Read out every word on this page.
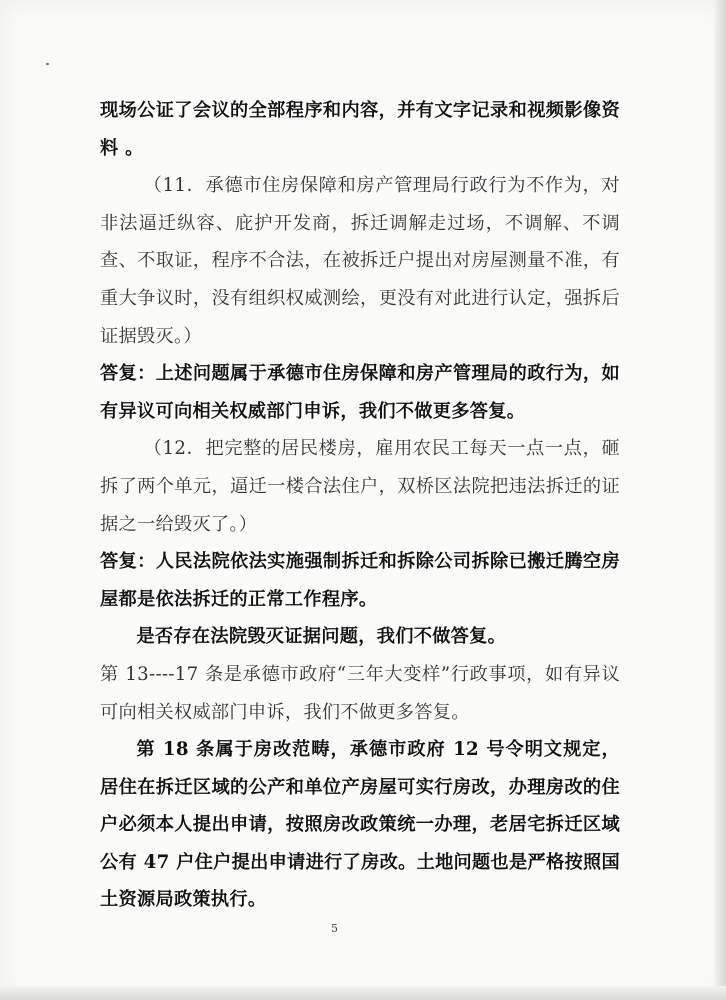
现场公证了会议的全部程序和内容，并有文字记录和视频影像资料 。

（11．承德市住房保障和房产管理局行政行为不作为，对非法逼迁纵容、庇护开发商，拆迁调解走过场，不调解、不调查、不取证，程序不合法，在被拆迁户提出对房屋测量不准，有重大争议时，没有组织权威测绘，更没有对此进行认定，强拆后证据毁灭。）

答复：上述问题属于承德市住房保障和房产管理局的政行为，如有异议可向相关权威部门申诉，我们不做更多答复。

（12．把完整的居民楼房，雇用农民工每天一点一点，砸拆了两个单元，逼迁一楼合法住户，双桥区法院把违法拆迁的证据之一给毁灭了。）

答复：人民法院依法实施强制拆迁和拆除公司拆除已搬迁腾空房屋都是依法拆迁的正常工作程序。

是否存在法院毁灭证据问题，我们不做答复。

第 13----17 条是承德市政府“三年大变样”行政事项，如有异议可向相关权威部门申诉，我们不做更多答复。

第 18 条属于房改范畴，承德市政府 12 号令明文规定，居住在拆迁区域的公产和单位产房屋可实行房改，办理房改的住户必须本人提出申请，按照房改政策统一办理，老居宅拆迁区域公有 47 户住户提出申请进行了房改。土地问题也是严格按照国土资源局政策执行。

5
